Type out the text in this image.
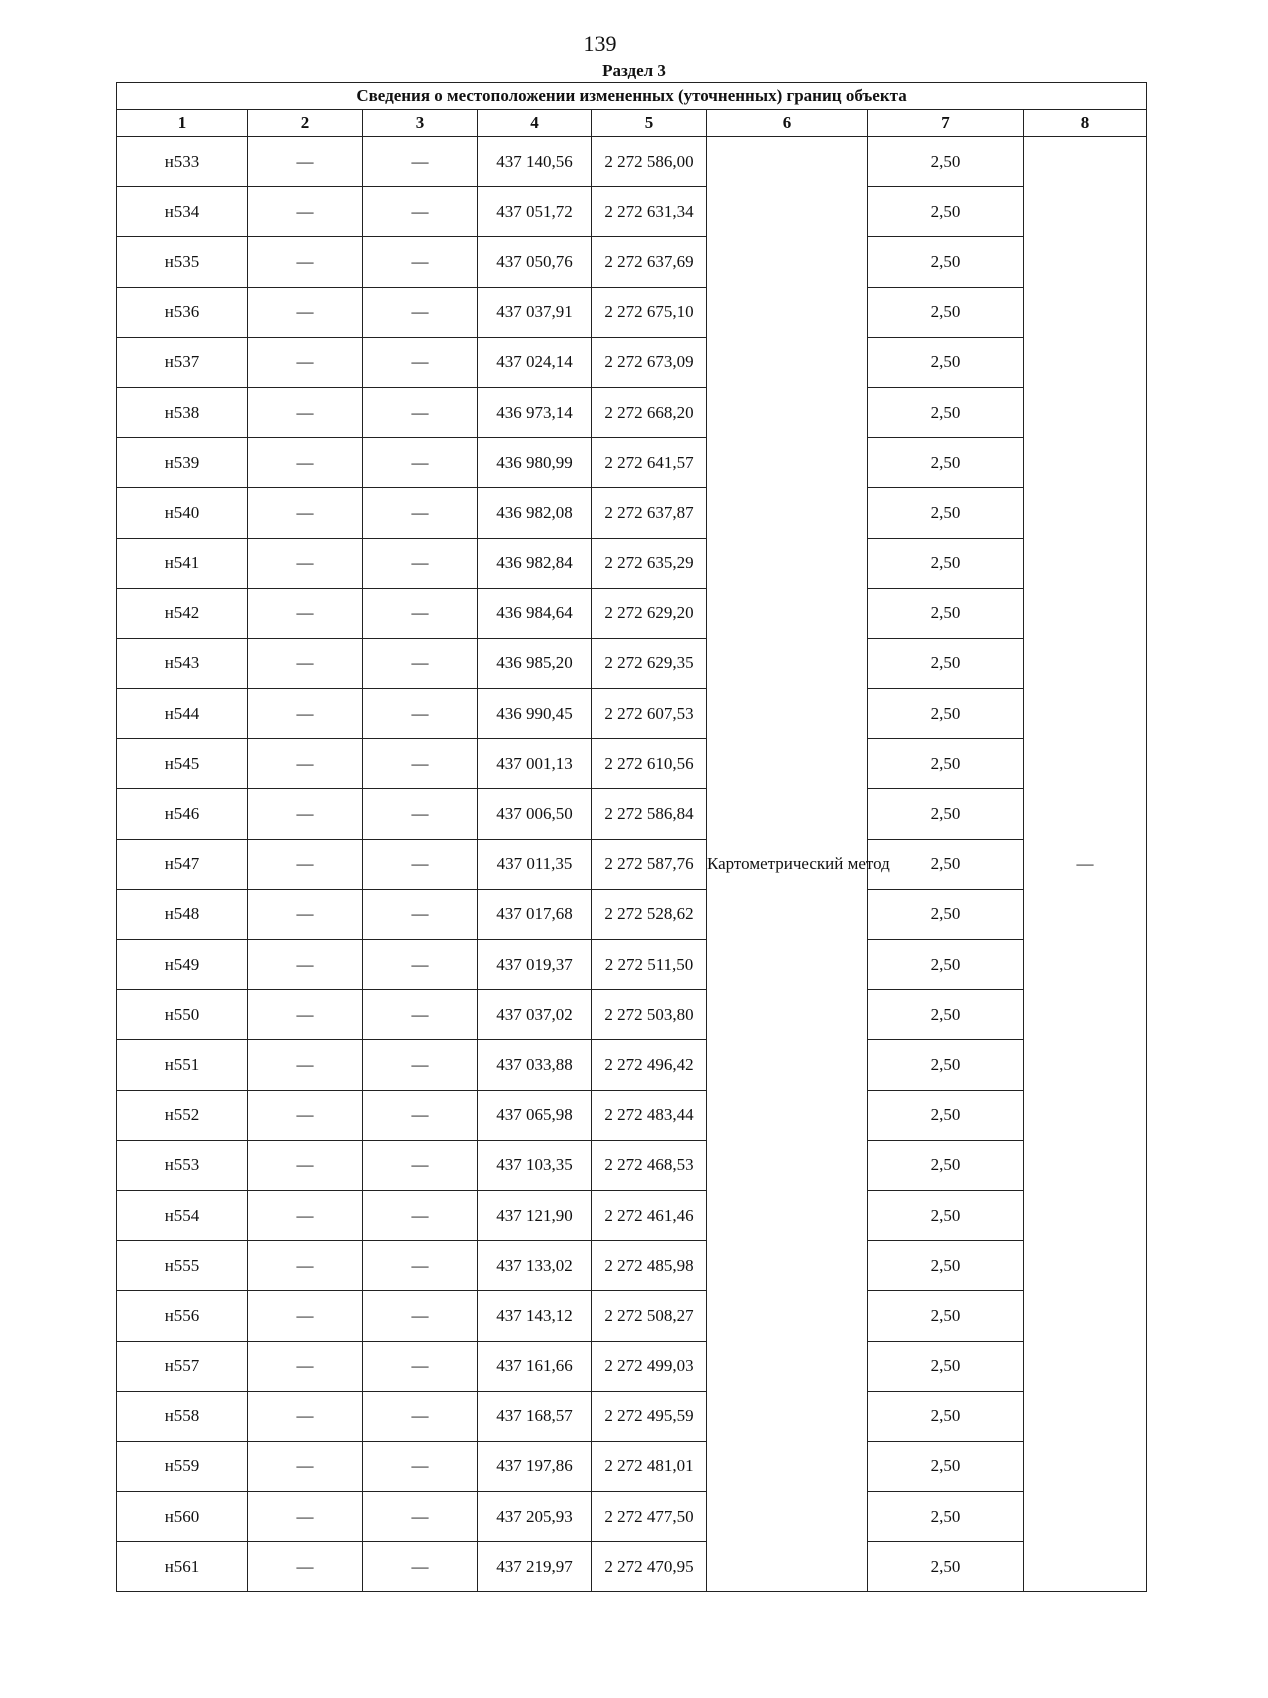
139
Раздел 3
Сведения о местоположении измененных (уточненных) границ объекта							
1	2	3	4	5	6	7	8
н533	—	—	437 140,56	2 272 586,00	Картометрический метод	2,50	—
н534	—	—	437 051,72	2 272 631,34		2,50	
н535	—	—	437 050,76	2 272 637,69		2,50	
н536	—	—	437 037,91	2 272 675,10		2,50	
н537	—	—	437 024,14	2 272 673,09		2,50	
н538	—	—	436 973,14	2 272 668,20		2,50	
н539	—	—	436 980,99	2 272 641,57		2,50	
н540	—	—	436 982,08	2 272 637,87		2,50	
н541	—	—	436 982,84	2 272 635,29		2,50	
н542	—	—	436 984,64	2 272 629,20		2,50	
н543	—	—	436 985,20	2 272 629,35		2,50	
н544	—	—	436 990,45	2 272 607,53		2,50	
н545	—	—	437 001,13	2 272 610,56		2,50	
н546	—	—	437 006,50	2 272 586,84		2,50	
н547	—	—	437 011,35	2 272 587,76		2,50	
н548	—	—	437 017,68	2 272 528,62		2,50	
н549	—	—	437 019,37	2 272 511,50		2,50	
н550	—	—	437 037,02	2 272 503,80		2,50	
н551	—	—	437 033,88	2 272 496,42		2,50	
н552	—	—	437 065,98	2 272 483,44		2,50	
н553	—	—	437 103,35	2 272 468,53		2,50	
н554	—	—	437 121,90	2 272 461,46		2,50	
н555	—	—	437 133,02	2 272 485,98		2,50	
н556	—	—	437 143,12	2 272 508,27		2,50	
н557	—	—	437 161,66	2 272 499,03		2,50	
н558	—	—	437 168,57	2 272 495,59		2,50	
н559	—	—	437 197,86	2 272 481,01		2,50	
н560	—	—	437 205,93	2 272 477,50		2,50	
н561	—	—	437 219,97	2 272 470,95		2,50	
